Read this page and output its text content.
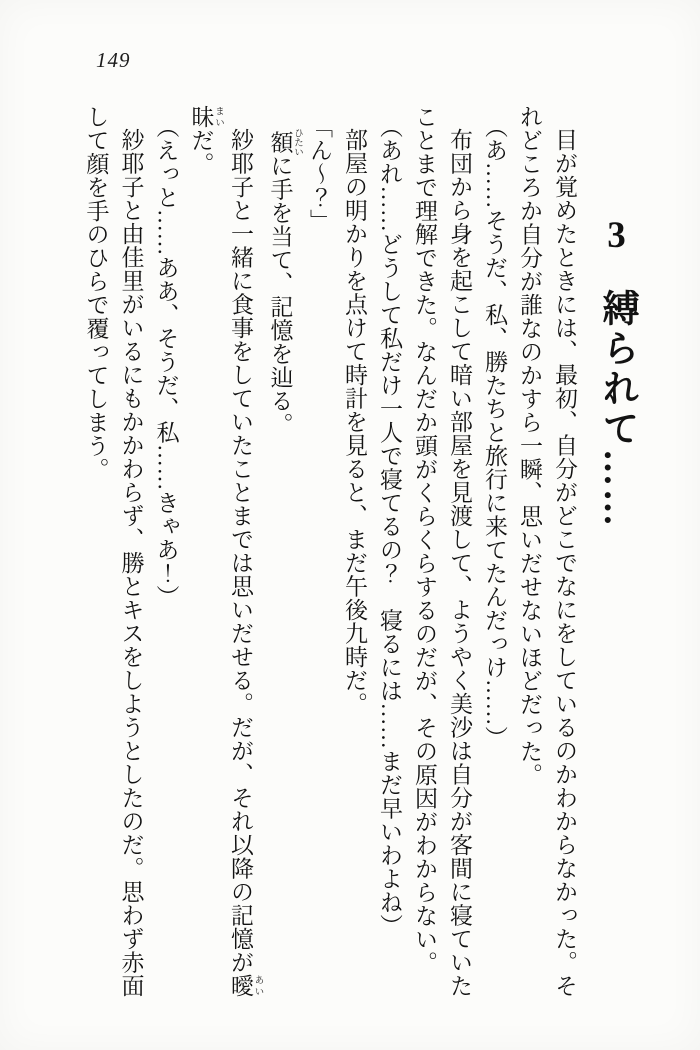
149
3縛られて……
目が覚めたときには、最初、自分がどこでなにをしているのかわからなかった。そ
れどころか自分が誰なのかすら一瞬、思いだせないほどだった。
（あ……そうだ、私、勝たちと旅行に来てたんだっけ……）
布団から身を起こして暗い部屋を見渡して、ようやく美沙は自分が客間に寝ていた
ことまで理解できた。なんだか頭がくらくらするのだが、その原因がわからない。
（あれ……どうして私だけ一人で寝てるの？　寝るには……まだ早いわよね）
部屋の明かりを点けて時計を見ると、まだ午後九時だ。
「ん〜？」
額 ひたいに手を当て、記憶を辿る。
紗耶子と一緒に食事をしていたことまでは思いだせる。だが、それ以降の記憶が曖 あい
昧 まいだ。
（えっと……ああ、そうだ、私……きゃあ！）
紗耶子と由佳里がいるにもかかわらず、勝とキスをしようとしたのだ。思わず赤面
して顔を手のひらで覆ってしまう。
